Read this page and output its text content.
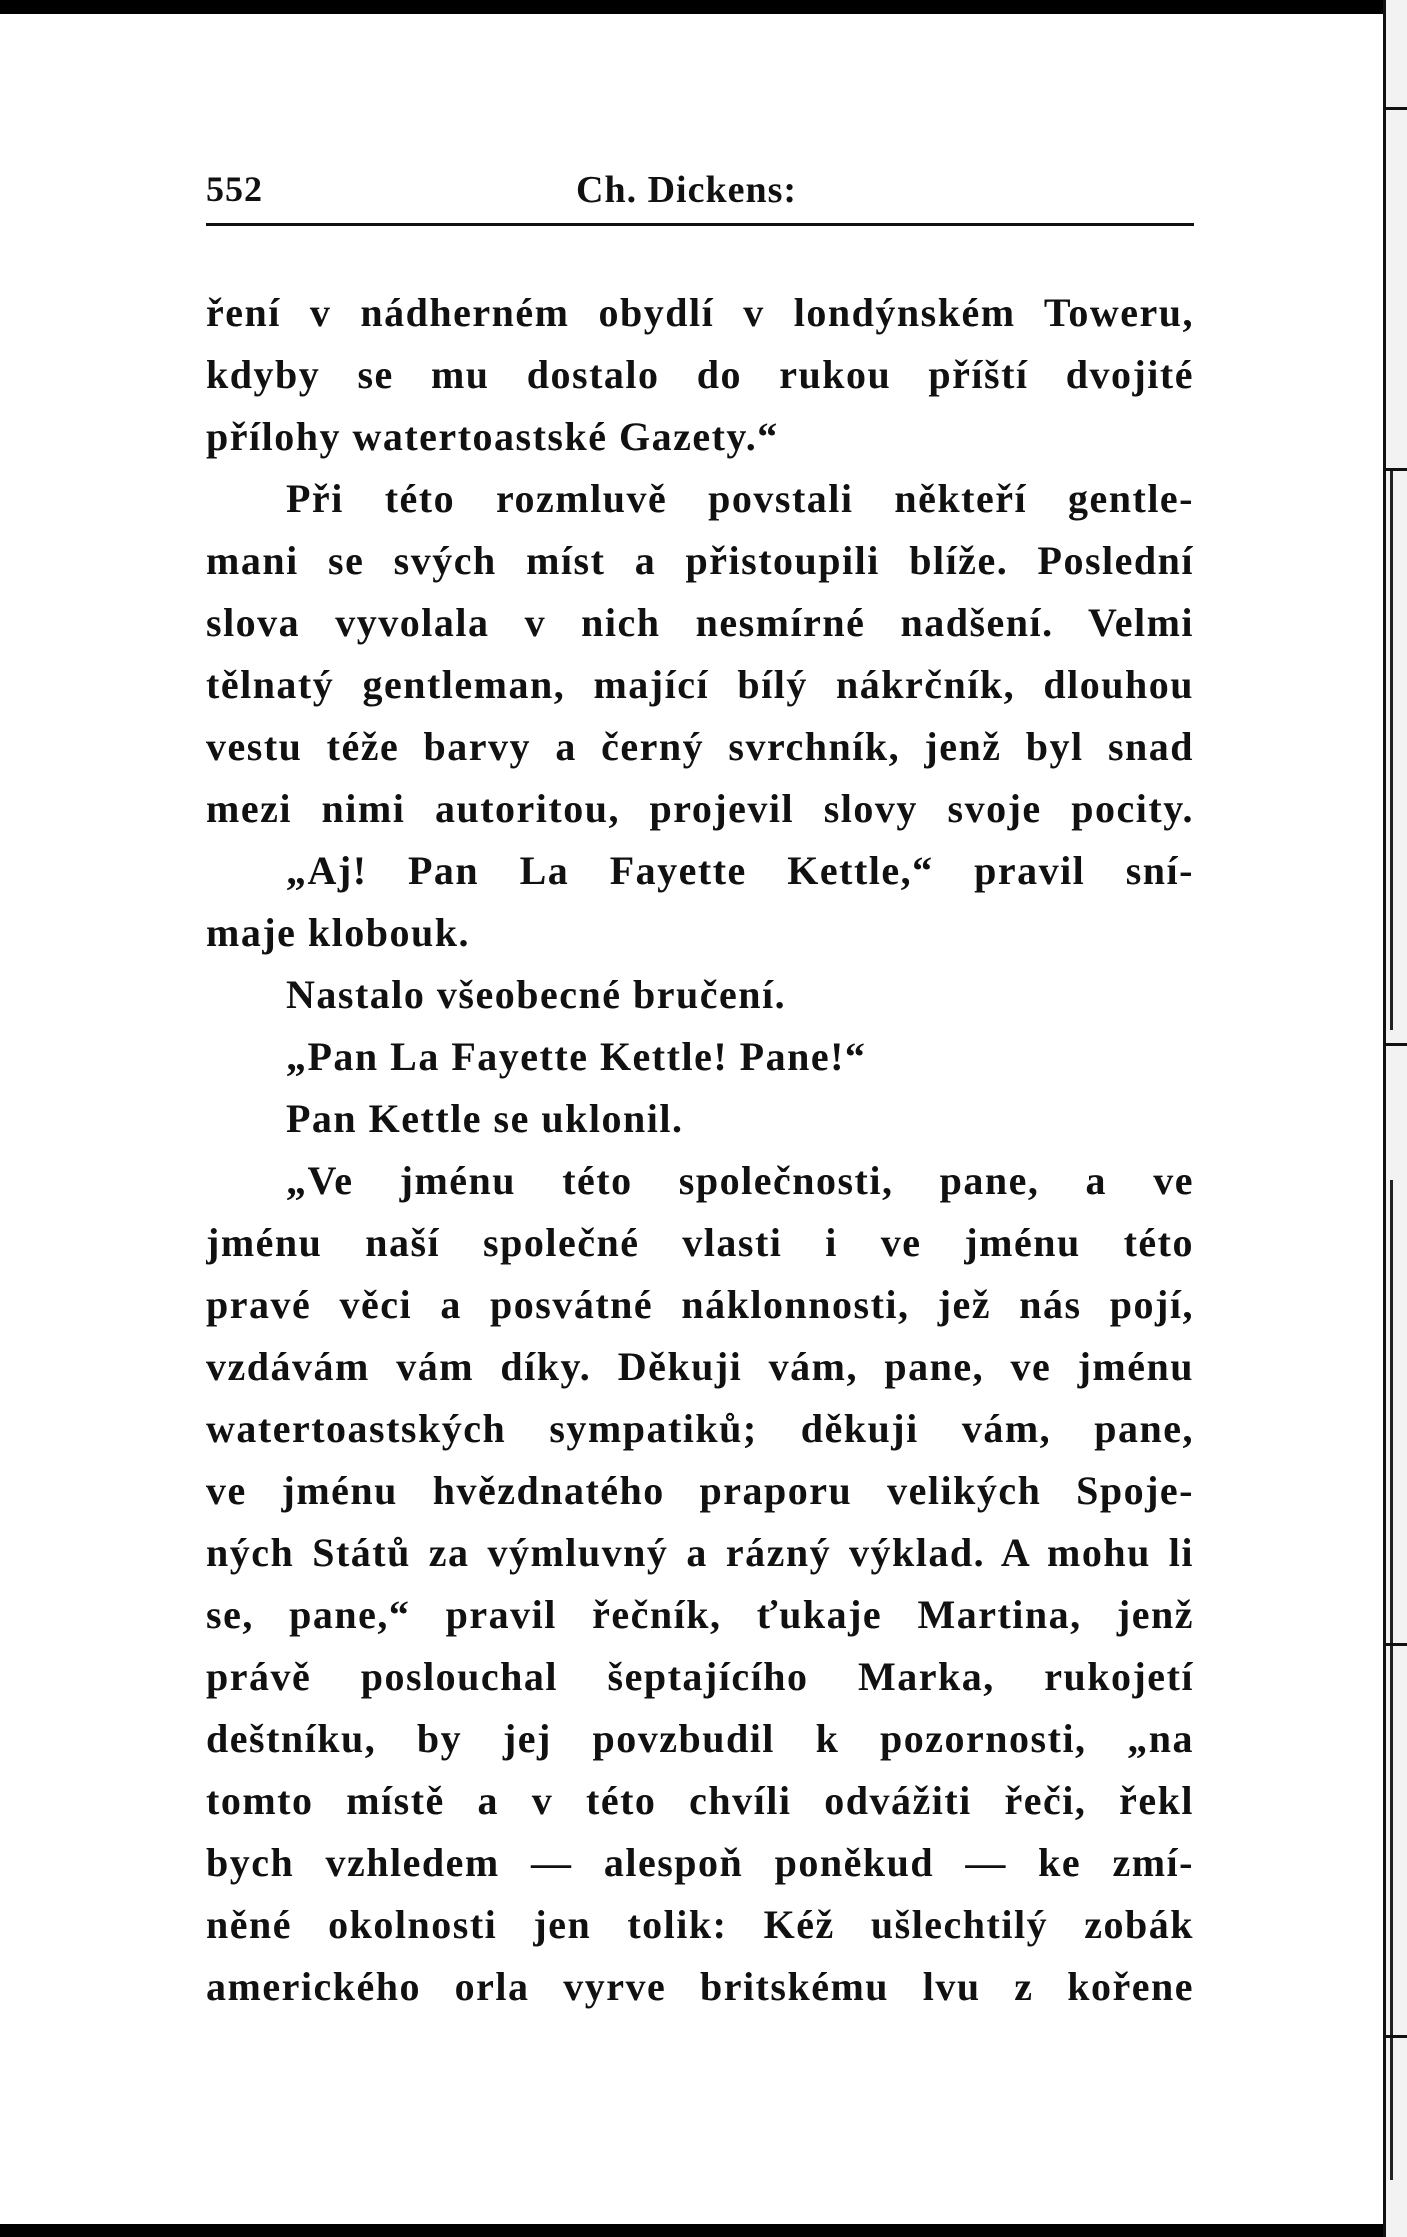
552	Ch. Dickens:
ření v nádherném obydlí v londýnském Toweru,
kdyby se mu dostalo do rukou příští dvojité
přílohy watertoastské Gazety.“
Při této rozmluvě povstali někteří gentle-
mani se svých míst a přistoupili blíže. Poslední
slova vyvolala v nich nesmírné nadšení. Velmi
tělnatý gentleman, mající bílý nákrčník, dlouhou
vestu téže barvy a černý svrchník, jenž byl snad
mezi nimi autoritou, projevil slovy svoje pocity.
„Aj! Pan La Fayette Kettle,“ pravil sní-
maje klobouk.
Nastalo všeobecné bručení.
„Pan La Fayette Kettle! Pane!“
Pan Kettle se uklonil.
„Ve jménu této společnosti, pane, a ve
jménu naší společné vlasti i ve jménu této
pravé věci a posvátné náklonnosti, jež nás pojí,
vzdávám vám díky. Děkuji vám, pane, ve jménu
watertoastských sympatiků; děkuji vám, pane,
ve jménu hvězdnatého praporu velikých Spoje-
ných Států za výmluvný a rázný výklad. A mohu li
se, pane,“ pravil řečník, ťukaje Martina, jenž
právě poslouchal šeptajícího Marka, rukojetí
deštníku, by jej povzbudil k pozornosti, „na
tomto místě a v této chvíli odvážiti řeči, řekl
bych vzhledem — alespoň poněkud — ke zmí-
něné okolnosti jen tolik: Kéž ušlechtilý zobák
amerického orla vyrve britskému lvu z kořene
